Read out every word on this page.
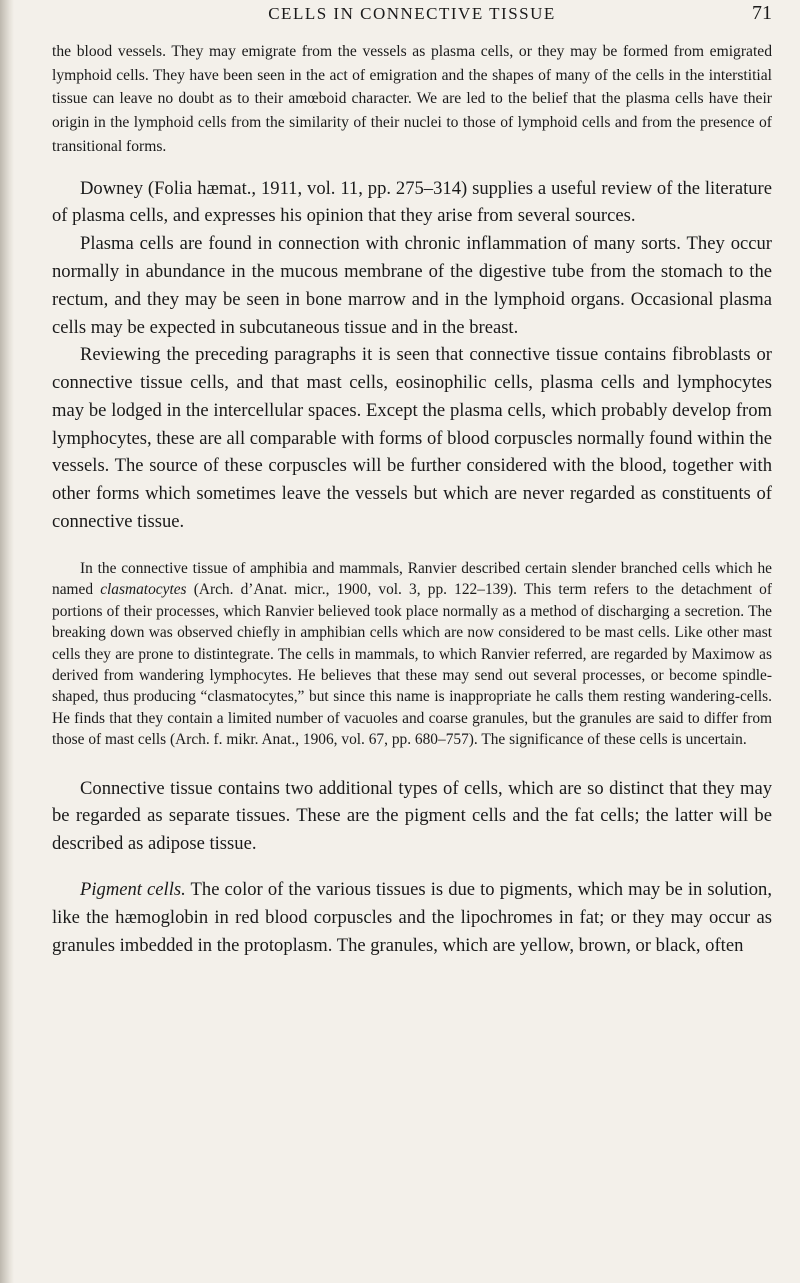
CELLS IN CONNECTIVE TISSUE	71

the blood vessels. They may emigrate from the vessels as plasma cells, or they may be formed from emigrated lymphoid cells. They have been seen in the act of emigration and the shapes of many of the cells in the interstitial tissue can leave no doubt as to their amœboid character. We are led to the belief that the plasma cells have their origin in the lymphoid cells from the similarity of their nuclei to those of lymphoid cells and from the presence of transitional forms.

Downey (Folia hæmat., 1911, vol. 11, pp. 275–314) supplies a useful review of the literature of plasma cells, and expresses his opinion that they arise from several sources.

Plasma cells are found in connection with chronic inflammation of many sorts. They occur normally in abundance in the mucous membrane of the digestive tube from the stomach to the rectum, and they may be seen in bone marrow and in the lymphoid organs. Occasional plasma cells may be expected in subcutaneous tissue and in the breast.

Reviewing the preceding paragraphs it is seen that connective tissue contains fibroblasts or connective tissue cells, and that mast cells, eosinophilic cells, plasma cells and lymphocytes may be lodged in the intercellular spaces. Except the plasma cells, which probably develop from lymphocytes, these are all comparable with forms of blood corpuscles normally found within the vessels. The source of these corpuscles will be further considered with the blood, together with other forms which sometimes leave the vessels but which are never regarded as constituents of connective tissue.

In the connective tissue of amphibia and mammals, Ranvier described certain slender branched cells which he named clasmatocytes (Arch. d’Anat. micr., 1900, vol. 3, pp. 122–139). This term refers to the detachment of portions of their processes, which Ranvier believed took place normally as a method of discharging a secretion. The breaking down was observed chiefly in amphibian cells which are now considered to be mast cells. Like other mast cells they are prone to distintegrate. The cells in mammals, to which Ranvier referred, are regarded by Maximow as derived from wandering lymphocytes. He believes that these may send out several processes, or become spindle-shaped, thus producing “clasmatocytes,” but since this name is inappropriate he calls them resting wandering-cells. He finds that they contain a limited number of vacuoles and coarse granules, but the granules are said to differ from those of mast cells (Arch. f. mikr. Anat., 1906, vol. 67, pp. 680–757). The significance of these cells is uncertain.

Connective tissue contains two additional types of cells, which are so distinct that they may be regarded as separate tissues. These are the pigment cells and the fat cells; the latter will be described as adipose tissue.

Pigment cells. The color of the various tissues is due to pigments, which may be in solution, like the hæmoglobin in red blood corpuscles and the lipochromes in fat; or they may occur as granules imbedded in the protoplasm. The granules, which are yellow, brown, or black, often
